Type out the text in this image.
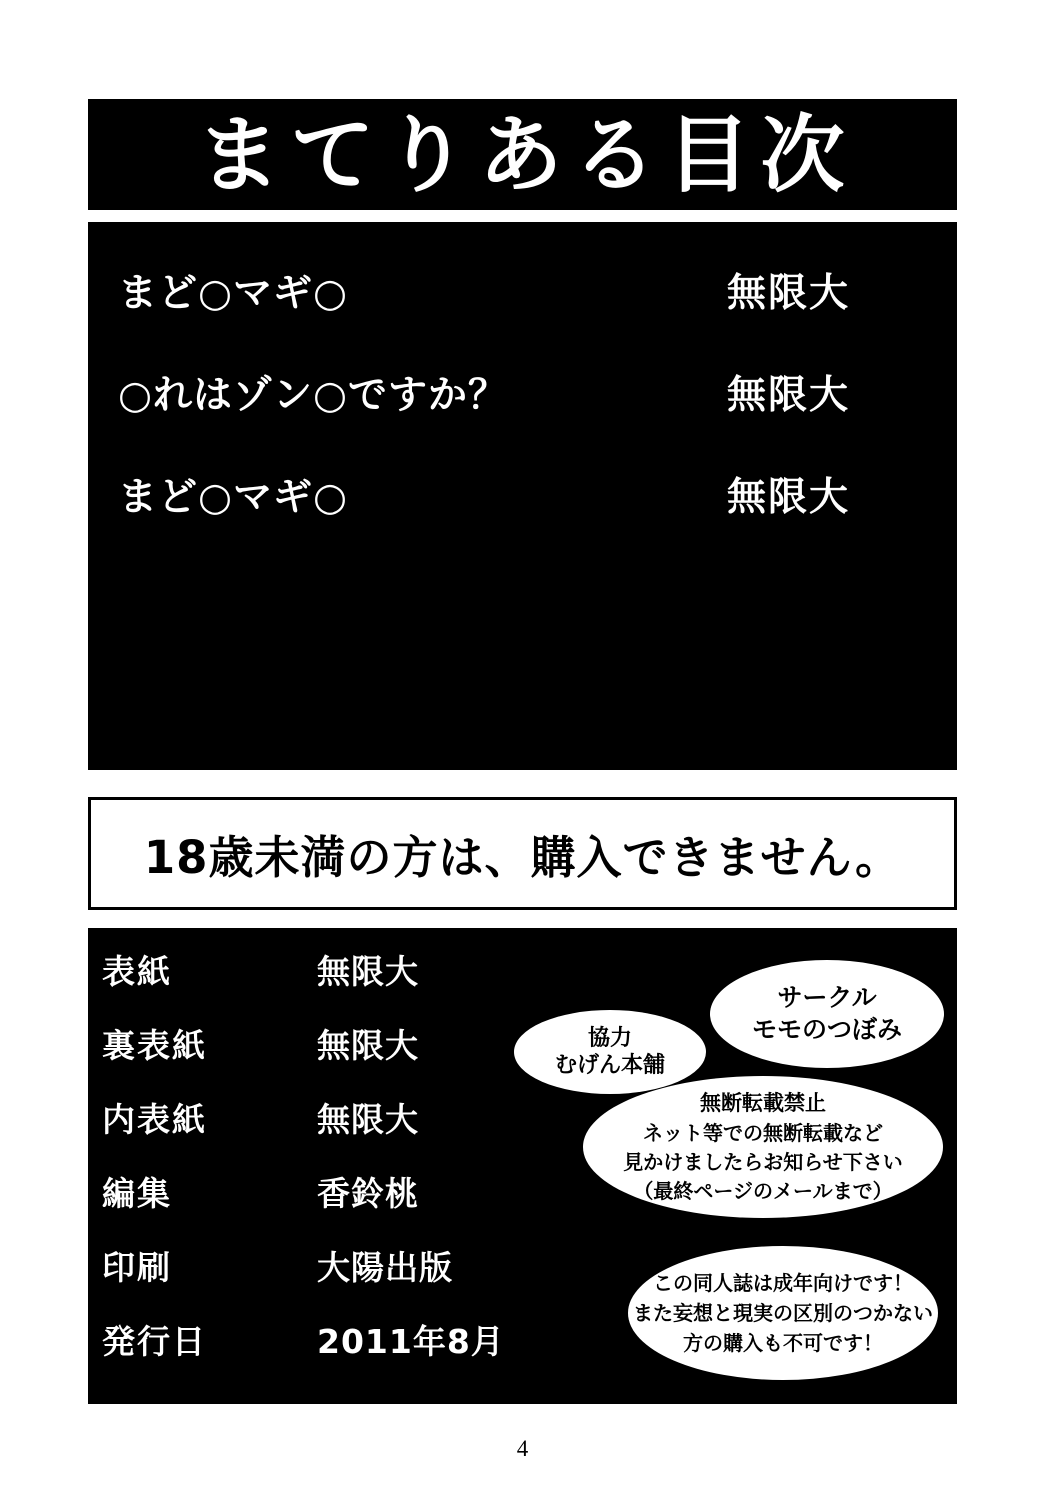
まてりある目次
まど○マギ○	無限大
○れはゾン○ですか？	無限大
まど○マギ○	無限大
18歳未満の方は、購入できません。
表紙	無限大
裏表紙	無限大
内表紙	無限大
編集	香鈴桃
印刷	大陽出版
発行日	2011年8月
サークル
モモのつぼみ
協力
むげん本舗
無断転載禁止
ネット等での無断転載など
見かけましたらお知らせ下さい
（最終ページのメールまで）
この同人誌は成年向けです！
また妄想と現実の区別のつかない
方の購入も不可です！
4
